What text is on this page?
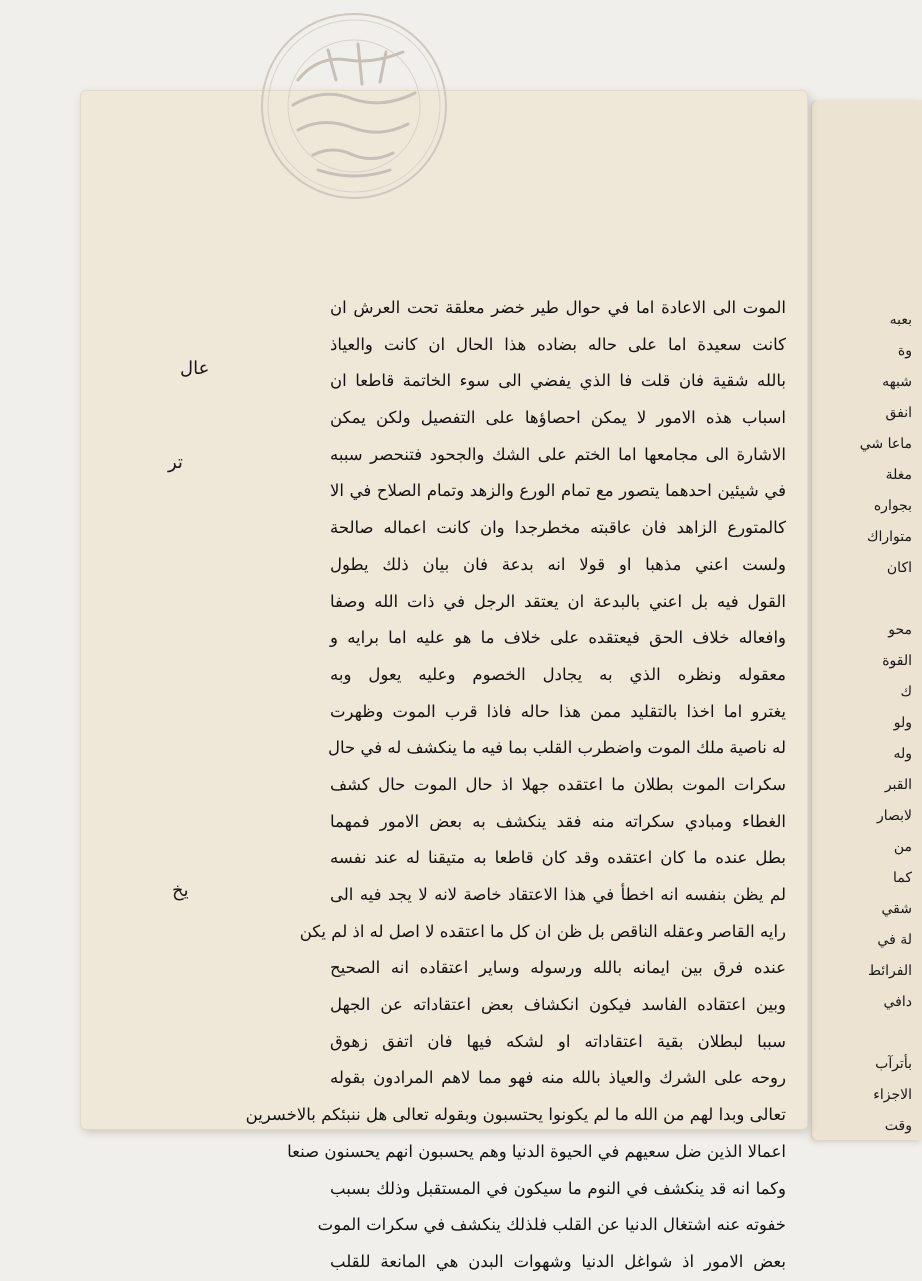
بعبه
وة
شبهه
انفق
ماعا شي
مغلة
بجواره
متواراك
اكان
محو
القوة
ك
ولو
وله
القبر
لابصار
من
كما
شقي
لة في
الفرائط
دافي
بأترآب
الاجزاء
وقت
الموت الى الاعادة اما في حوال طير خضر معلقة تحت العرش ان
كانت سعيدة اما على حاله بضاده هذا الحال ان كانت والعياذ
بالله شقية فان قلت فا الذي يفضي الى سوء الخاتمة قاطعا ان
اسباب هذه الامور لا يمكن احصاؤها على التفصيل ولكن يمكن
الاشارة الى مجامعها اما الختم على الشك والجحود فتنحصر سببه
في شيئين احدهما يتصور مع تمام الورع والزهد وتمام الصلاح في الا
كالمتورع الزاهد فان عاقبته مخطرجدا وان كانت اعماله صالحة
ولست اعني مذهبا او قولا انه بدعة فان بيان ذلك يطول
القول فيه بل اعني بالبدعة ان يعتقد الرجل في ذات الله وصفا
وافعاله خلاف الحق فيعتقده على خلاف ما هو عليه اما برايه و
معقوله ونظره الذي به يجادل الخصوم وعليه يعول وبه
يغترو اما اخذا بالتقليد ممن هذا حاله فاذا قرب الموت وظهرت
له ناصية ملك الموت واضطرب القلب بما فيه ما ينكشف له في حال
سكرات الموت بطلان ما اعتقده جهلا اذ حال الموت حال كشف
الغطاء ومبادي سكراته منه فقد ينكشف به بعض الامور فمهما
بطل عنده ما كان اعتقده وقد كان قاطعا به متيقنا له عند نفسه
لم يظن بنفسه انه اخطأ في هذا الاعتقاد خاصة لانه لا يجد فيه الى
رايه القاصر وعقله الناقص بل ظن ان كل ما اعتقده لا اصل له اذ لم يكن
عنده فرق بين ايمانه بالله ورسوله وساير اعتقاده انه الصحيح
وبين اعتقاده الفاسد فيكون انكشاف بعض اعتقاداته عن الجهل
سببا لبطلان بقية اعتقاداته او لشكه فيها فان اتفق زهوق
روحه على الشرك والعياذ بالله منه فهو مما لاهم المرادون بقوله
تعالى وبدا لهم من الله ما لم يكونوا يحتسبون وبقوله تعالى هل ننبئكم بالاخسرين
اعمالا الذين ضل سعيهم في الحيوة الدنيا وهم يحسبون انهم يحسنون صنعا
وكما انه قد ينكشف في النوم ما سيكون في المستقبل وذلك بسبب
خفوته عنه اشتغال الدنيا عن القلب فلذلك ينكشف في سكرات الموت
بعض الامور اذ شواغل الدنيا وشهوات البدن هي المانعة للقلب
عال
تر
يخ
